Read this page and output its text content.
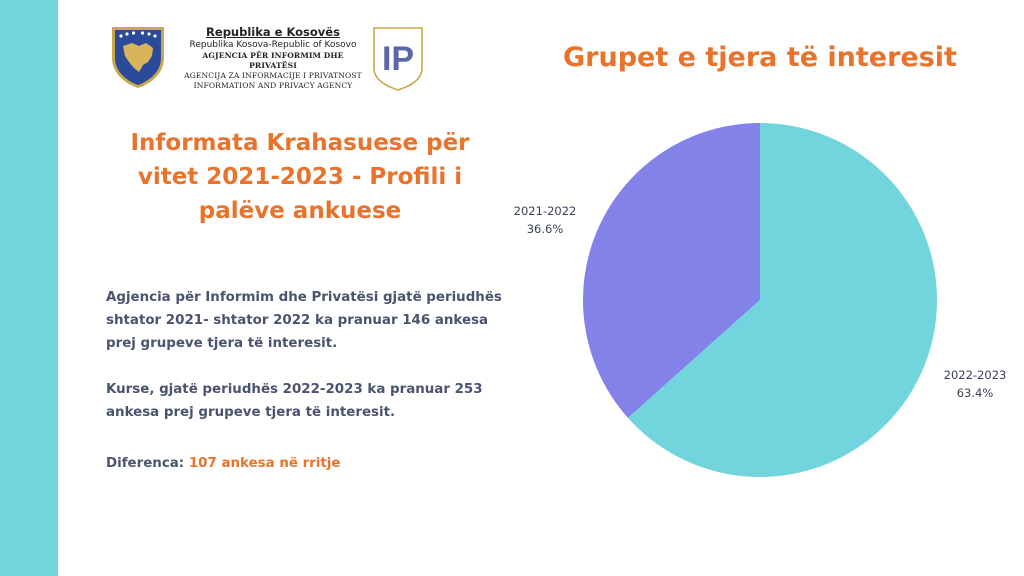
Republika e Kosovës
Republika Kosova-Republic of Kosovo
AGJENCIA PËR INFORMIM DHE PRIVATËSI
AGENCIJA ZA INFORMACIJE I PRIVATNOST
INFORMATION AND PRIVACY AGENCY
IP
Informata Krahasuese për vitet 2021-2023 - Profili i palëve ankuese
Agjencia për Informim dhe Privatësi gjatë periudhës shtator 2021- shtator 2022 ka pranuar 146 ankesa prej grupeve tjera të interesit.
Kurse, gjatë periudhës 2022-2023 ka pranuar 253 ankesa prej grupeve tjera të interesit.
Diferenca: 107 ankesa në rritje
Grupet e tjera të interesit
2021-2022
36.6%
2022-2023
63.4%
